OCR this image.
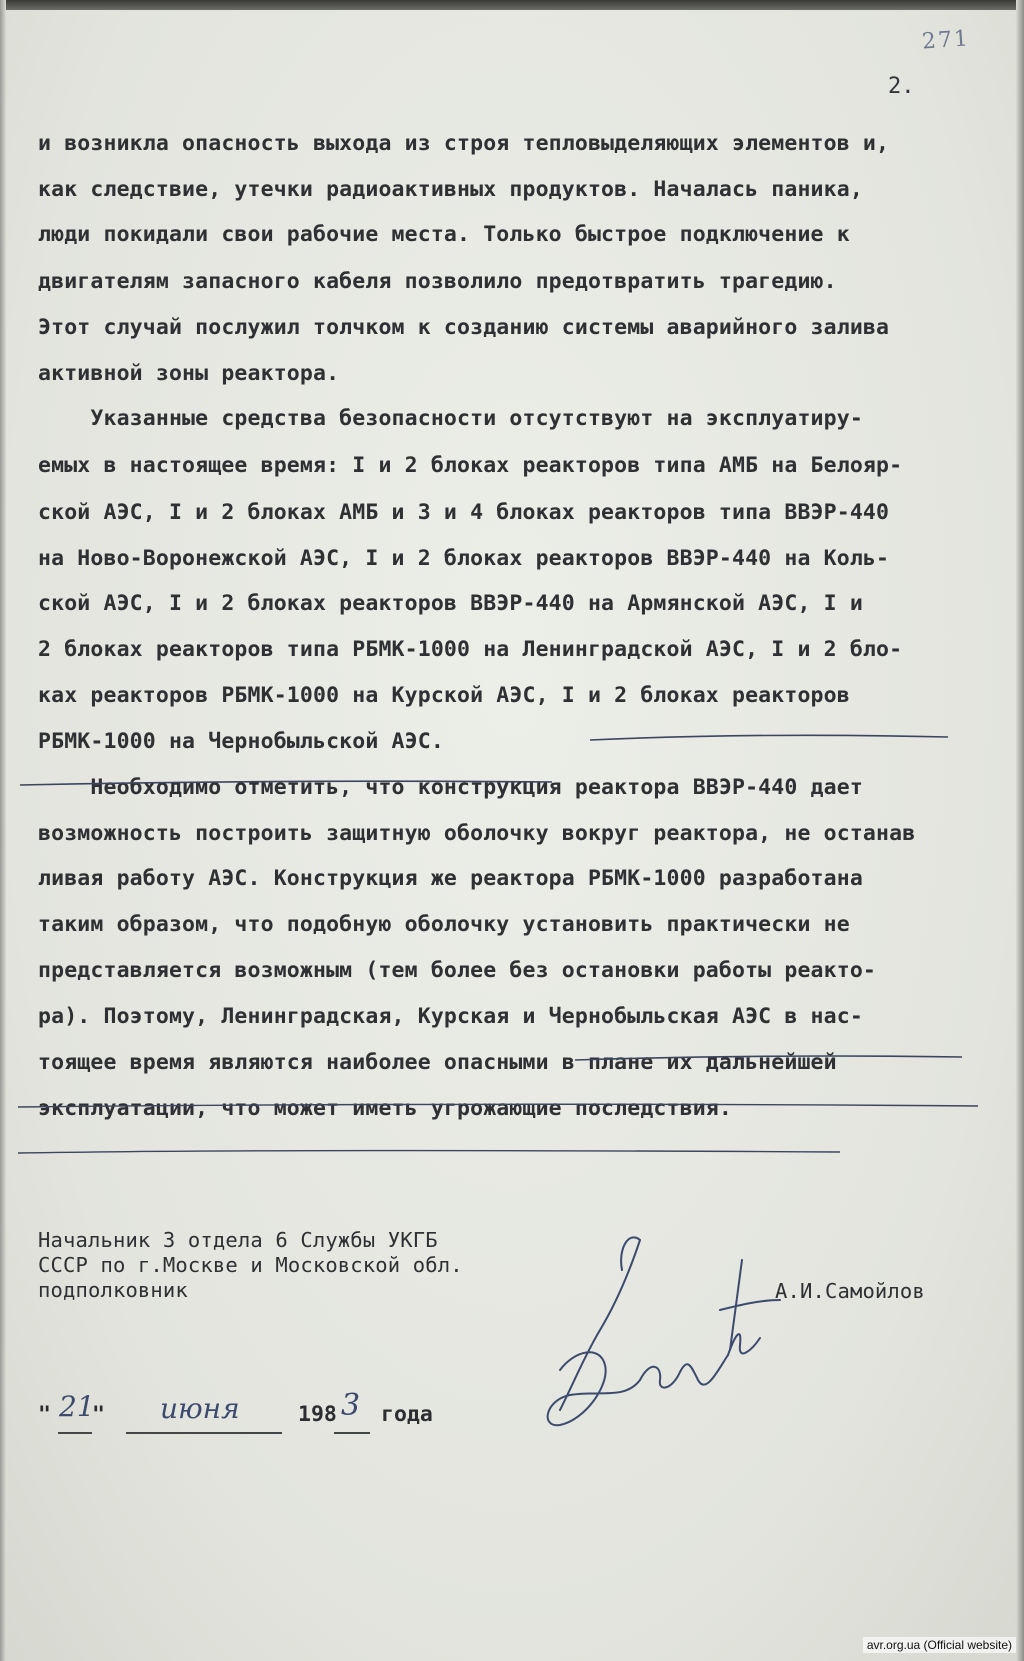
271
2.
и возникла опасность выхода из строя тепловыделяющих элементов и,
как следствие, утечки радиоактивных продуктов. Началась паника,
люди покидали свои рабочие места. Только быстрое подключение к
двигателям запасного кабеля позволило предотвратить трагедию.
Этот случай послужил толчком к созданию системы аварийного залива
активной зоны реактора.
Указанные средства безопасности отсутствуют на эксплуатиру-
емых в настоящее время: I и 2 блоках реакторов типа АМБ на Белояр-
ской АЭС, I и 2 блоках АМБ и 3 и 4 блоках реакторов типа ВВЭР-440
на Ново-Воронежской АЭС, I и 2 блоках реакторов ВВЭР-440 на Коль-
ской АЭС, I и 2 блоках реакторов ВВЭР-440 на Армянской АЭС, I и
2 блоках реакторов типа РБМК-1000 на Ленинградской АЭС, I и 2 бло-
ках реакторов РБМК-1000 на Курской АЭС, I и 2 блоках реакторов
РБМК-1000 на Чернобыльской АЭС.
Необходимо отметить, что конструкция реактора ВВЭР-440 дает
возможность построить защитную оболочку вокруг реактора, не останав
ливая работу АЭС. Конструкция же реактора РБМК-1000 разработана
таким образом, что подобную оболочку установить практически не
представляется возможным (тем более без остановки работы реакто-
ра). Поэтому, Ленинградская, Курская и Чернобыльская АЭС в нас-
тоящее время являются наиболее опасными в плане их дальнейшей
эксплуатации, что может иметь угрожающие последствия.
Начальник 3 отдела 6 Службы УКГБ
СССР по г.Москве и Московской обл.
подполковник	А.И.Самойлов
" 21
" июня	198 3 года
avr.org.ua (Official website)
